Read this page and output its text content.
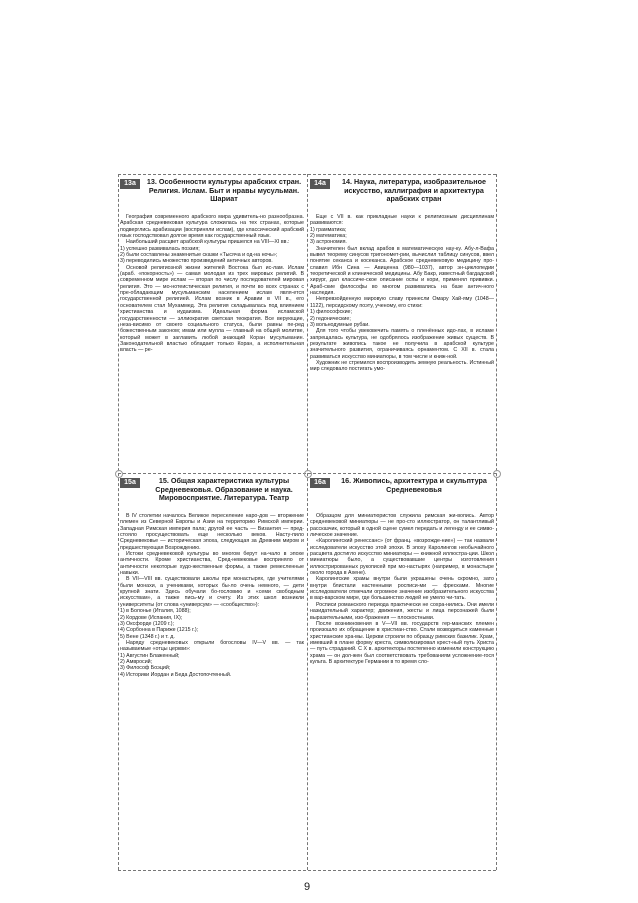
13а	13. Особенности культуры арабских стран. Религия. Ислам. Быт и нравы мусульман. Шариат

География современного арабского мира удивитель-но разнообразна. Арабская средневековая культура сложилась на тех странах, которые подверглись арабизации (восприняли ислам), где классический арабский язык господствовал долгое время как государственный язык.

Наибольший расцвет арабской культуры пришелся на VIII—XI вв.:

1) успешно развивалась поэзия;

2) были составлены знаменитые сказки «Тысяча и од-на ночь»;

3) переводились множество произведений античных авторов.

Основой религиозной жизни жителей Востока был ис-лам. Ислам (араб. «покорность») — самая молодая из трех мировых религий. В современном мире ислам — вторая по числу последователей мировая религия. Это — мо-нотеистическая религия, и почти во всех странах с пре-обладающим мусульманским населением ислам явля-ется государственной религией. Ислам возник в Аравии в VII в., его основателем стал Мухаммед. Эта религия складывалась под влиянием христианства и иудаизма. Идеальная форма исламской государственности — эллиократия светская теократия. Все верующие, неза-висимо от своего социального статуса, были равны пе-ред божественным законом; имам или мулла — главный на общей молитве, который может в заглавить любой знающий Коран мусульманин. Законодательной властью обладает только Коран, а исполнительная власть — ре-

14а	14. Наука, литература, изобразительное искусство, каллиграфия и архитектура арабских стран

Еще с VII в. как прикладные науки к религиозным дисциплинам развиваются:

1) грамматика;

2) математика;

3) астрономия.

Значителен был вклад арабов в математическую нау-ку. Абу-л-Вафа вывел теорему синусов тригономет-рии, вычислил таблицу синусов, ввел понятие секанса и косеканса. Арабское средневековую медицину про-славил Ибн Сина — Авиценна (980—1037), автор эн-циклопедии теоретической и клинической медицины. Абу Бакр, известный багдадский хирург, дал классиче-ское описание оспы и кори, применял прививки. Араб-ские философы во многом развивались на базе антич-ного наследия.

Непревзойденную мировую славу принесли Омару Хай-яму (1048—1122), персидскому поэту, ученому, его стихи:

1) философские;

2) гедонические;

3) вольнодумные рубаи.

Для того чтобы увековечить память о пленённых идо-лах, в исламе запрещалась культура, не одобрялось изображение живых существ. В результате живопись такое не получила в арабской культуре значительного развития, ограничиваясь орнаментом. С XII в. стала развиваться искусство миниатюры, в том числе и книж-ной.

Художник не стремился воспроизводить земную реальность. Истинный мир следовало постигать умо-

15а	15. Общая характеристика культуры Средневековья. Образование и наука. Мировосприятие. Литература. Театр

В IV столетии началось Великое переселение наро-дов — вторжение племен из Северной Европы и Азии на территорию Римской империи. Западная Римская империя пала; другой ее часть — Византия — пред-стояло просуществовать еще несколько веков. Насту-пило Средневековье — историческая эпоха, следующая за Древним миром и предшествующая Возрождению.

Истоки средневековой культуры во многом берут на-чало в эпохе античности. Кроме христианства, Сред-невековье восприняло от античности некоторые худо-жественные формы, а также ремесленные навыки.

В VII—VIII вв. существовали школы при монастырях, где учителями были монахи, а учениками, которых бы-ло очень немного, — дети крупной знати. Здесь обучали бо-гословию и «семи свободным искусствам», а также пись-му и счету. Из этих школ возникли университеты (от слова «универсум» — «сообщество»):

1) в Болонье (Италия, 1088);

2) Кордове (Испания, IX);

3) Оксфорде (1209 г.);

4) Сорбонна в Париже (1215 г.);

5) Вене (1348 г.) и т. д.

Наряду средневековых открыли богословы IV—V вв. — так называемые «отцы церкви»:

1) Августин Блаженный;

2) Амвросий;

3) Философ Боэций;

4) Историки Иордан и Беда Достопочтенный.

16а	16. Живопись, архитектура и скульптура Средневековья

Образцом для миниатюристов служила римская жи-вопись. Автор средневековой миниатюры — не про-сто иллюстратор, он талантливый рассказчик, который в одной сцене сумел передать и легенду и ее симво-лическое значение.

«Каролингский ренессанс» (от франц. «возрожде-ние») — так назвали исследователи искусство этой эпохи. В эпоху Каролингов необычайного расцвета достигло искусство миниатюры — книжной иллюстра-ции. Школ миниатюры было, а существовавшие центры изготовления иллюстрированных рукописей при мо-настырях (например, в монастыре около города в Ахене).

Каролингские храмы внутри были украшены очень скромно, зато внутри блистали настенными росписи-ми — фресками. Многие исследователи отмечали огромное значение изобразительного искусства в вар-варском мире, где большинство людей не умело чи-тать.

Росписи романского периода практически не сохра-нились. Они имели назидательный характер; движения, жесты и лица персонажей были выразительными, изо-бражения — плоскостными.

После возникновения в V—VII вв. государств гер-манских племен произошло их обращение в христиан-ство. Стали возводиться каменные христианские хра-мы. Церкви строили по образцу римских базилик. Храм, имевший в плане форму креста, символизировал крест-ный путь Христа — путь страданий. С Х в. архитекторы постепенно изменили конструкцию храма — он дол-жен был соответствовать требованиям усложнение-гося культа. В архитектуре Германии в то время сло-

9
